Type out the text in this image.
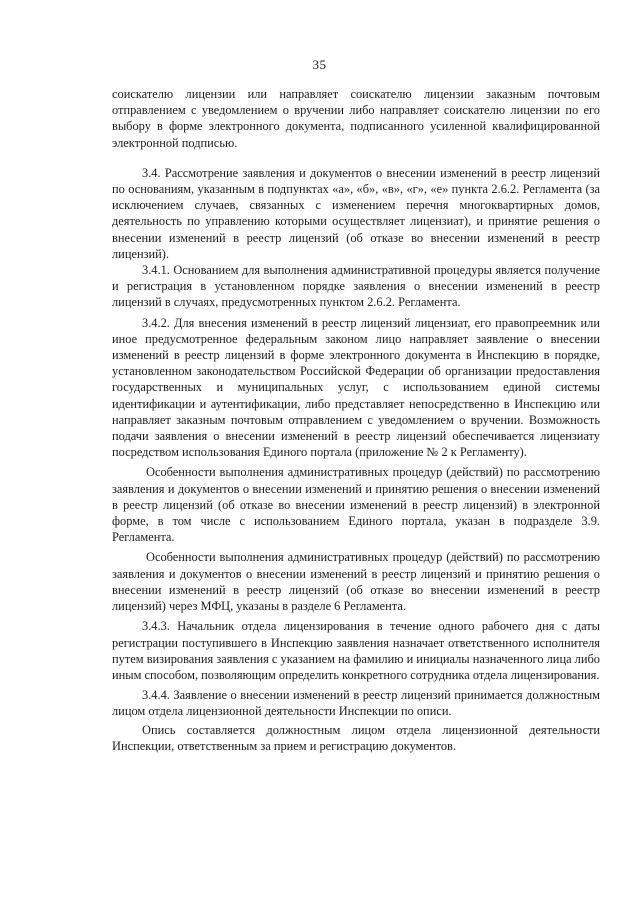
35

соискателю лицензии или направляет соискателю лицензии заказным почтовым отправлением с уведомлением о вручении либо направляет соискателю лицензии по его выбору в форме электронного документа, подписанного усиленной квалифицированной электронной подписью.

3.4. Рассмотрение заявления и документов о внесении изменений в реестр лицензий по основаниям, указанным в подпунктах «а», «б», «в», «г», «е» пункта 2.6.2. Регламента (за исключением случаев, связанных с изменением перечня многоквартирных домов, деятельность по управлению которыми осуществляет лицензиат), и принятие решения о внесении изменений в реестр лицензий (об отказе во внесении изменений в реестр лицензий).

3.4.1. Основанием для выполнения административной процедуры является получение и регистрация в установленном порядке заявления о внесении изменений в реестр лицензий в случаях, предусмотренных пунктом 2.6.2. Регламента.

3.4.2. Для внесения изменений в реестр лицензий лицензиат, его правопреемник или иное предусмотренное федеральным законом лицо направляет заявление о внесении изменений в реестр лицензий в форме электронного документа в Инспекцию в порядке, установленном законодательством Российской Федерации об организации предоставления государственных и муниципальных услуг, с использованием единой системы идентификации и аутентификации, либо представляет непосредственно в Инспекцию или направляет заказным почтовым отправлением с уведомлением о вручении. Возможность подачи заявления о внесении изменений в реестр лицензий обеспечивается лицензиату посредством использования Единого портала (приложение № 2 к Регламенту).

Особенности выполнения административных процедур (действий) по рассмотрению заявления и документов о внесении изменений и принятию решения о внесении изменений в реестр лицензий (об отказе во внесении изменений в реестр лицензий) в электронной форме, в том числе с использованием Единого портала, указан в подразделе 3.9. Регламента.

Особенности выполнения административных процедур (действий) по рассмотрению заявления и документов о внесении изменений в реестр лицензий и принятию решения о внесении изменений в реестр лицензий (об отказе во внесении изменений в реестр лицензий) через МФЦ, указаны в разделе 6 Регламента.

3.4.3. Начальник отдела лицензирования в течение одного рабочего дня с даты регистрации поступившего в Инспекцию заявления назначает ответственного исполнителя путем визирования заявления с указанием на фамилию и инициалы назначенного лица либо иным способом, позволяющим определить конкретного сотрудника отдела лицензирования.

3.4.4. Заявление о внесении изменений в реестр лицензий принимается должностным лицом отдела лицензионной деятельности Инспекции по описи.

Опись составляется должностным лицом отдела лицензионной деятельности Инспекции, ответственным за прием и регистрацию документов.
